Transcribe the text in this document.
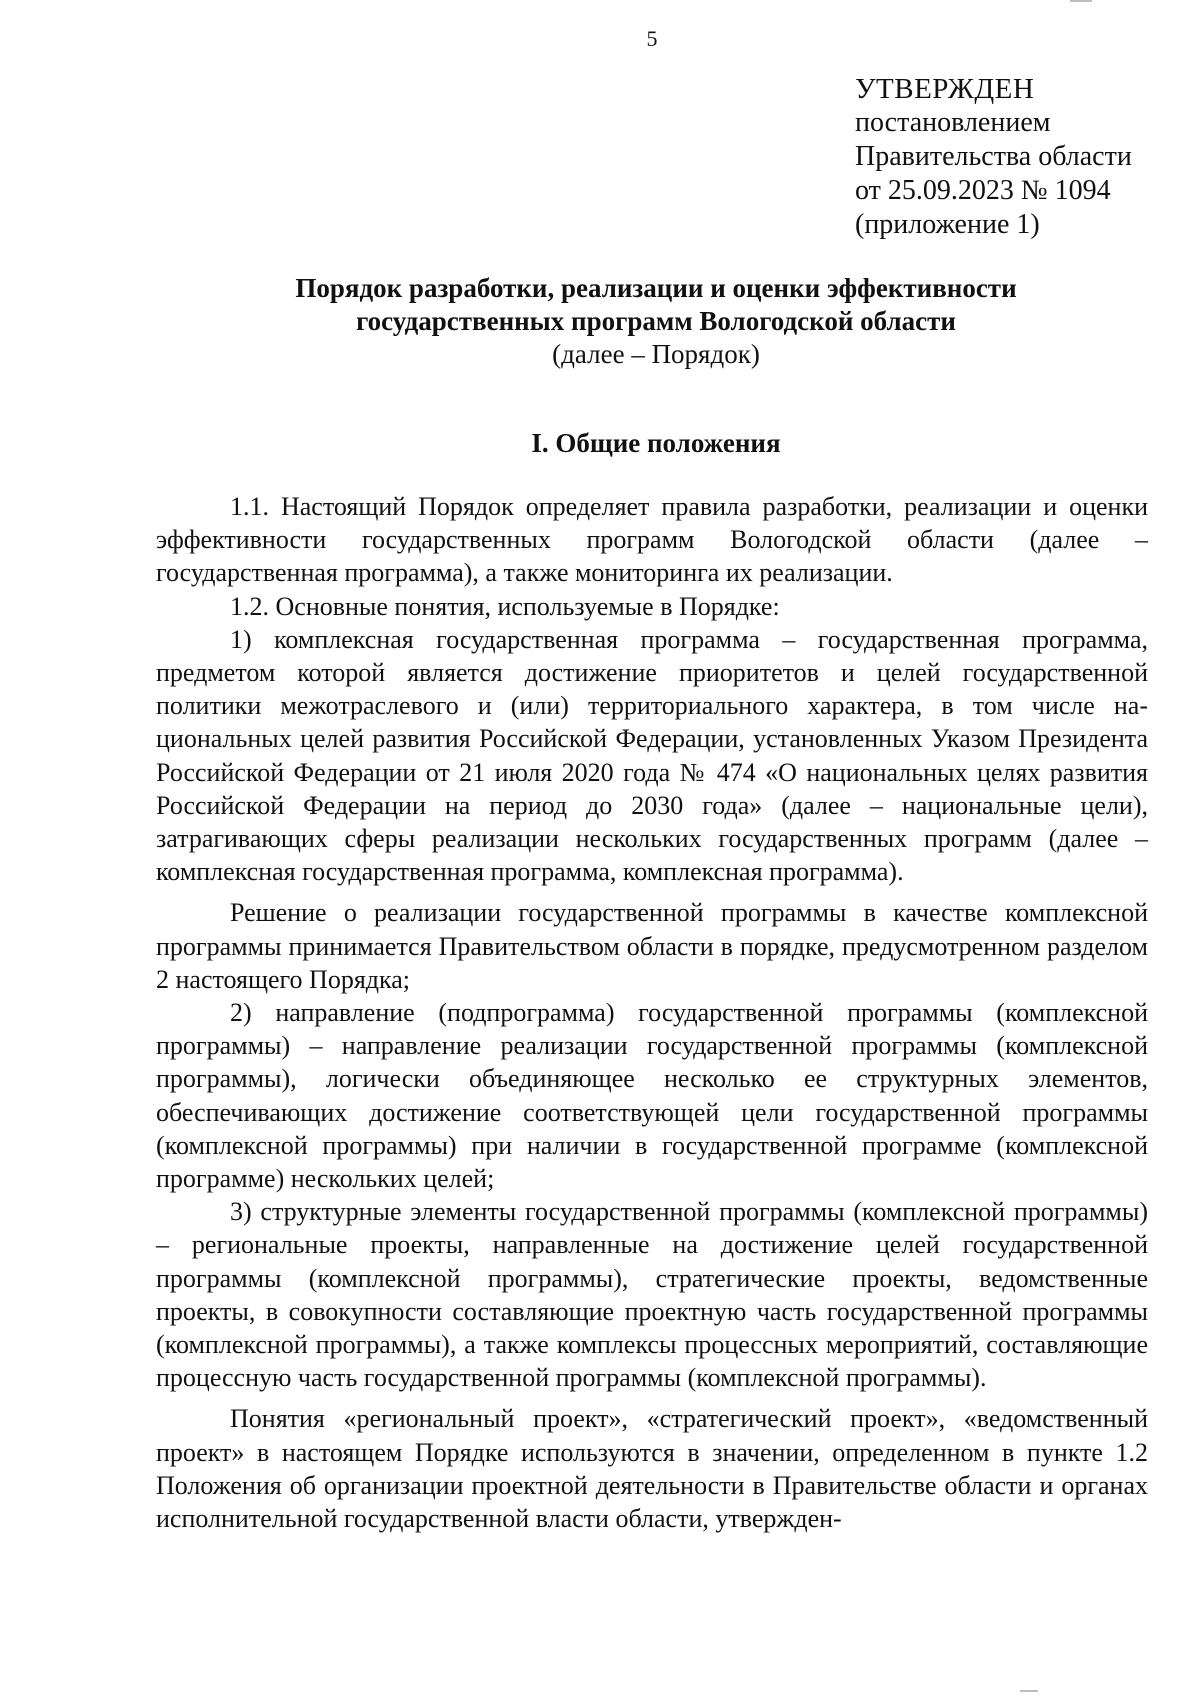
5
УТВЕРЖДЕН
постановлением
Правительства области
от 25.09.2023 № 1094
(приложение 1)
Порядок разработки, реализации и оценки эффективности
государственных программ Вологодской области
(далее – Порядок)
I. Общие положения

1.1. Настоящий Порядок определяет правила разработки, реализации и оценки эффективности государственных программ Вологодской области (далее – государственная программа), а также мониторинга их реализации.

1.2. Основные понятия, используемые в Порядке:

1) комплексная государственная программа – государственная программа, предметом которой является достижение приоритетов и целей государственной политики межотраслевого и (или) территориального характера, в том числе национальных целей развития Российской Федерации, установленных Указом Президента Российской Федерации от 21 июля 2020 года № 474 «О национальных целях развития Российской Федерации на период до 2030 года» (далее – национальные цели), затрагивающих сферы реализации нескольких государственных программ (далее – комплексная государственная программа, комплексная программа).

Решение о реализации государственной программы в качестве комплексной программы принимается Правительством области в порядке, предусмотренном разделом 2 настоящего Порядка;

2) направление (подпрограмма) государственной программы (комплексной программы) – направление реализации государственной программы (комплексной программы), логически объединяющее несколько ее структурных элементов, обеспечивающих достижение соответствующей цели государственной программы (комплексной программы) при наличии в государственной программе (комплексной программе) нескольких целей;

3) структурные элементы государственной программы (комплексной программы) – региональные проекты, направленные на достижение целей государственной программы (комплексной программы), стратегические проекты, ведомственные проекты, в совокупности составляющие проектную часть государственной программы (комплексной программы), а также комплексы процессных мероприятий, составляющие процессную часть государственной программы (комплексной программы).

Понятия «региональный проект», «стратегический проект», «ведомственный проект» в настоящем Порядке используются в значении, определенном в пункте 1.2 Положения об организации проектной деятельности в Правительстве области и органах исполнительной государственной власти области, утвержден-
